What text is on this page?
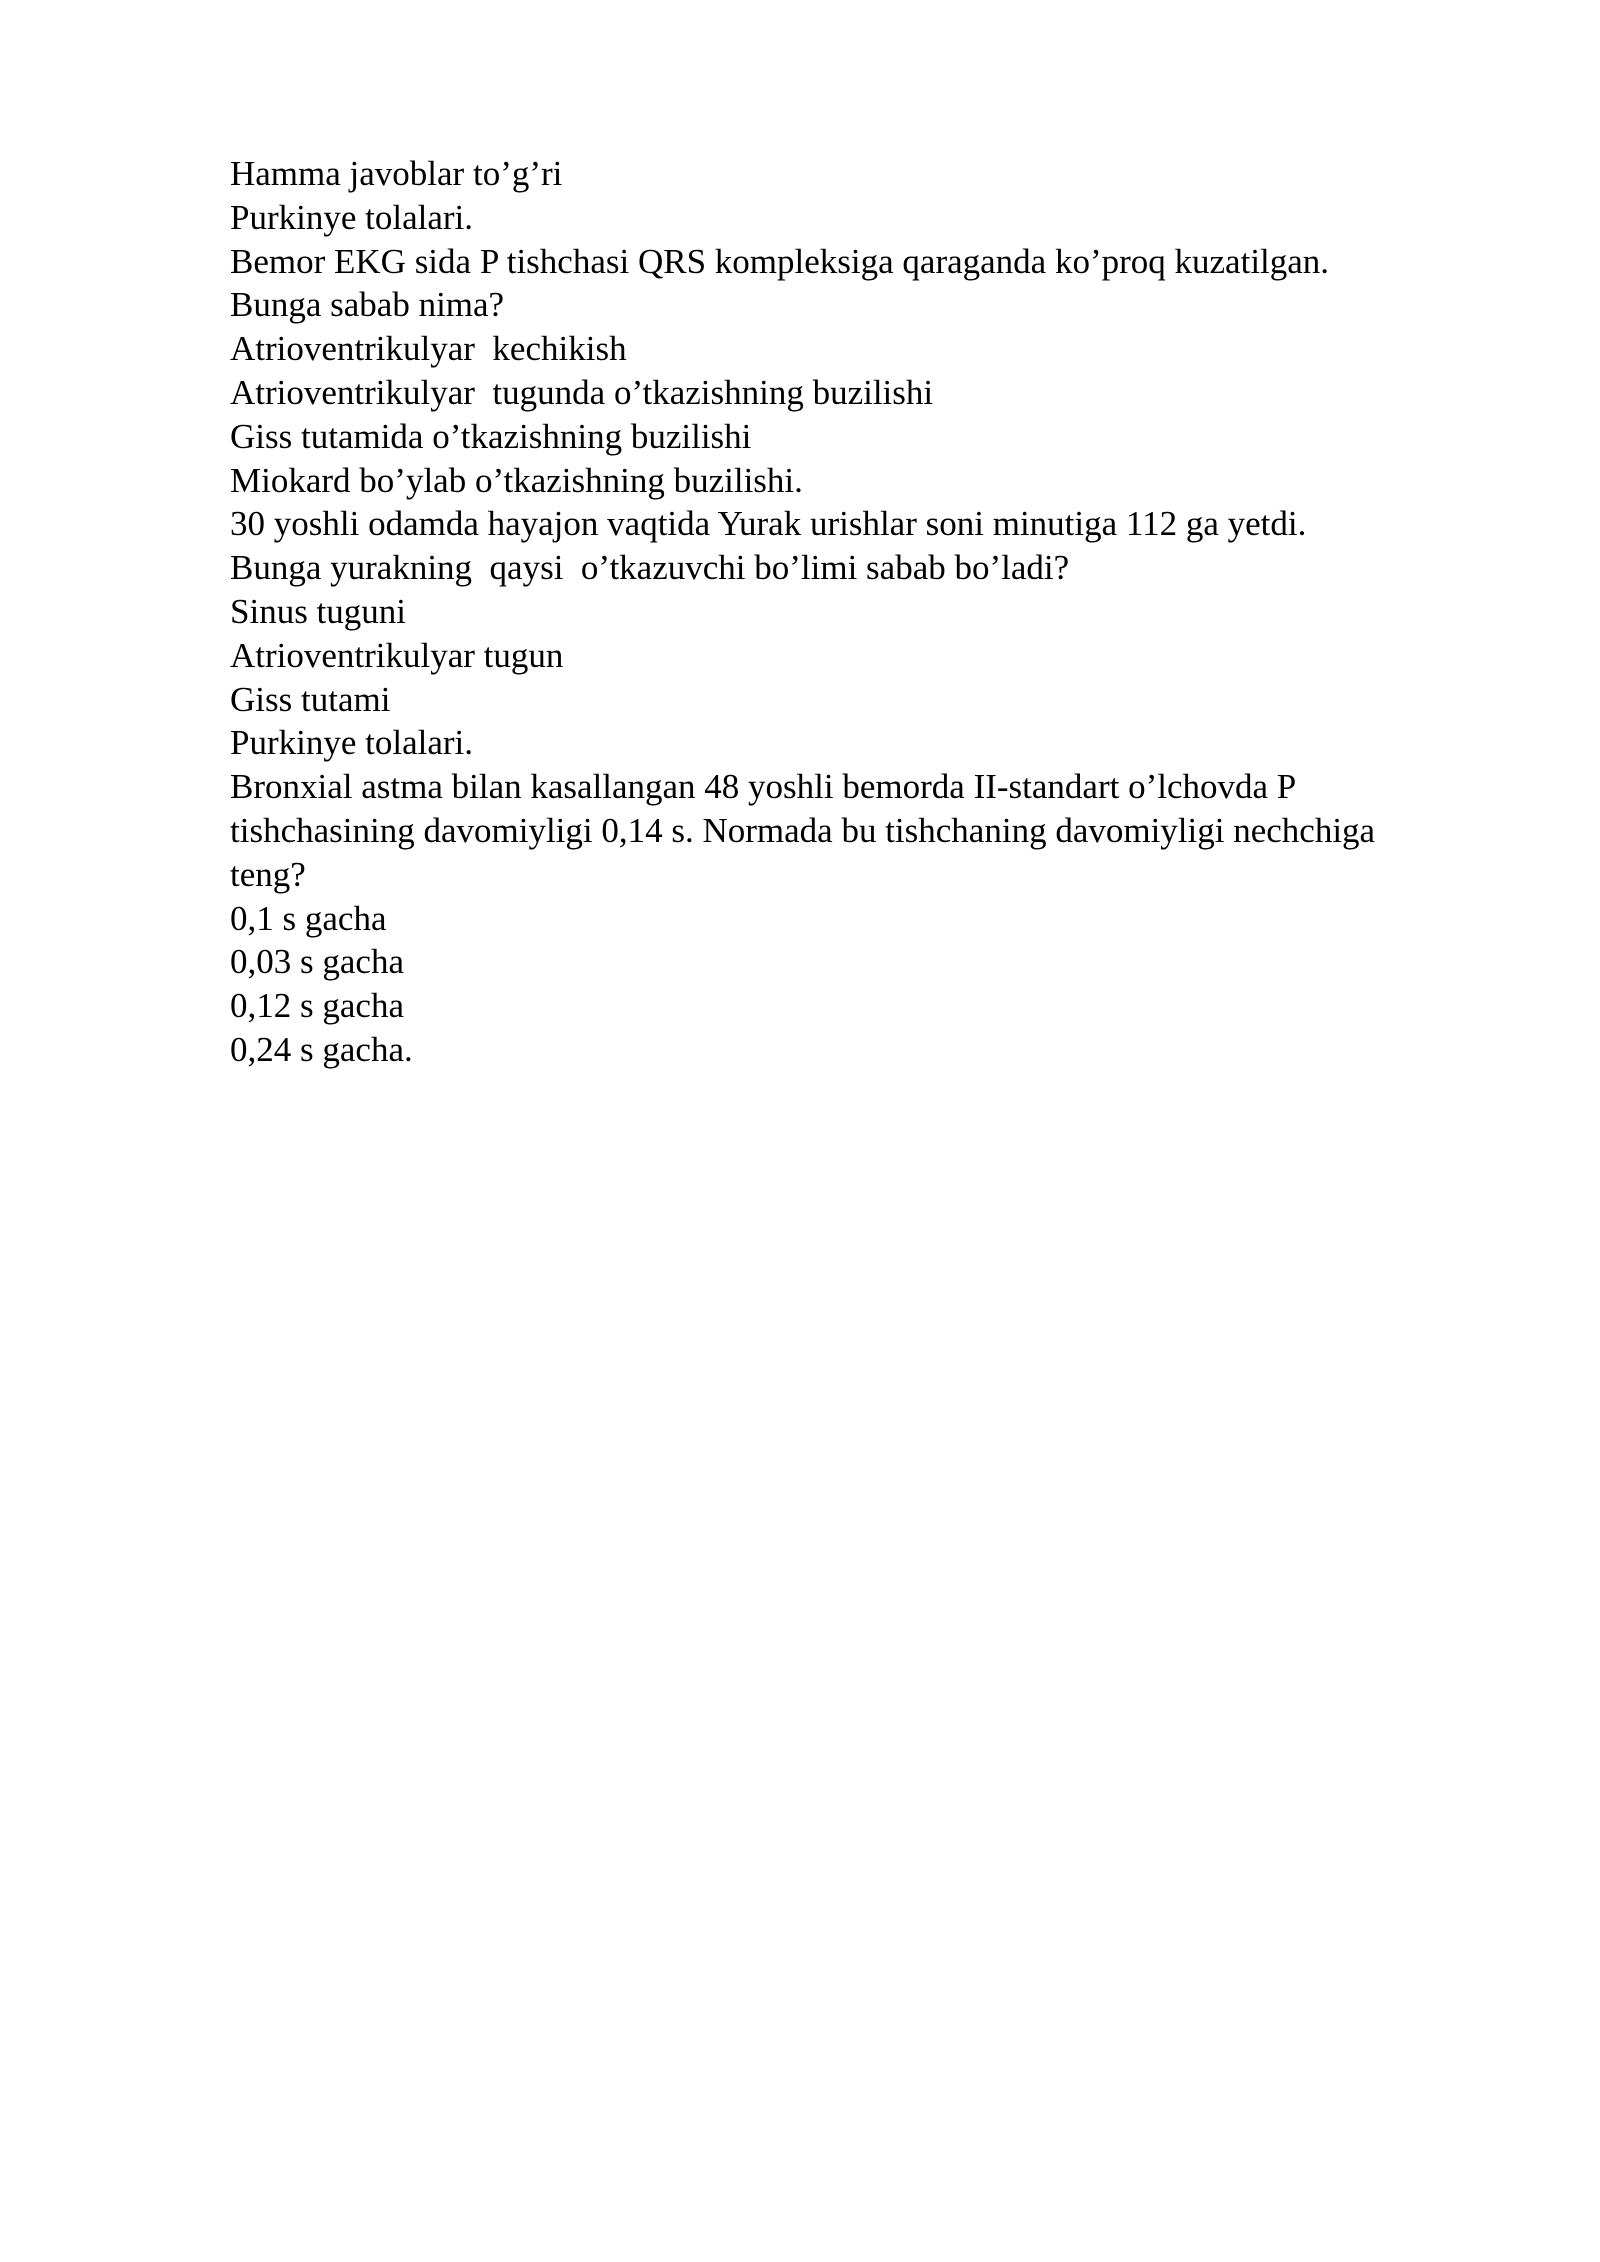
Hamma javoblar to’g’ri
Purkinye tolalari.
Bemor EKG sida P tishchasi QRS kompleksiga qaraganda ko’proq kuzatilgan.
Bunga sabab nima?
Atrioventrikulyar  kechikish
Atrioventrikulyar  tugunda o’tkazishning buzilishi
Giss tutamida o’tkazishning buzilishi
Miokard bo’ylab o’tkazishning buzilishi.
30 yoshli odamda hayajon vaqtida Yurak urishlar soni minutiga 112 ga yetdi.
Bunga yurakning  qaysi  o’tkazuvchi bo’limi sabab bo’ladi?
Sinus tuguni
Atrioventrikulyar tugun
Giss tutami
Purkinye tolalari.
Bronxial astma bilan kasallangan 48 yoshli bemorda II-standart o’lchovda P
tishchasining davomiyligi 0,14 s. Normada bu tishchaning davomiyligi nechchiga
teng?
0,1 s gacha
0,03 s gacha
0,12 s gacha
0,24 s gacha.
